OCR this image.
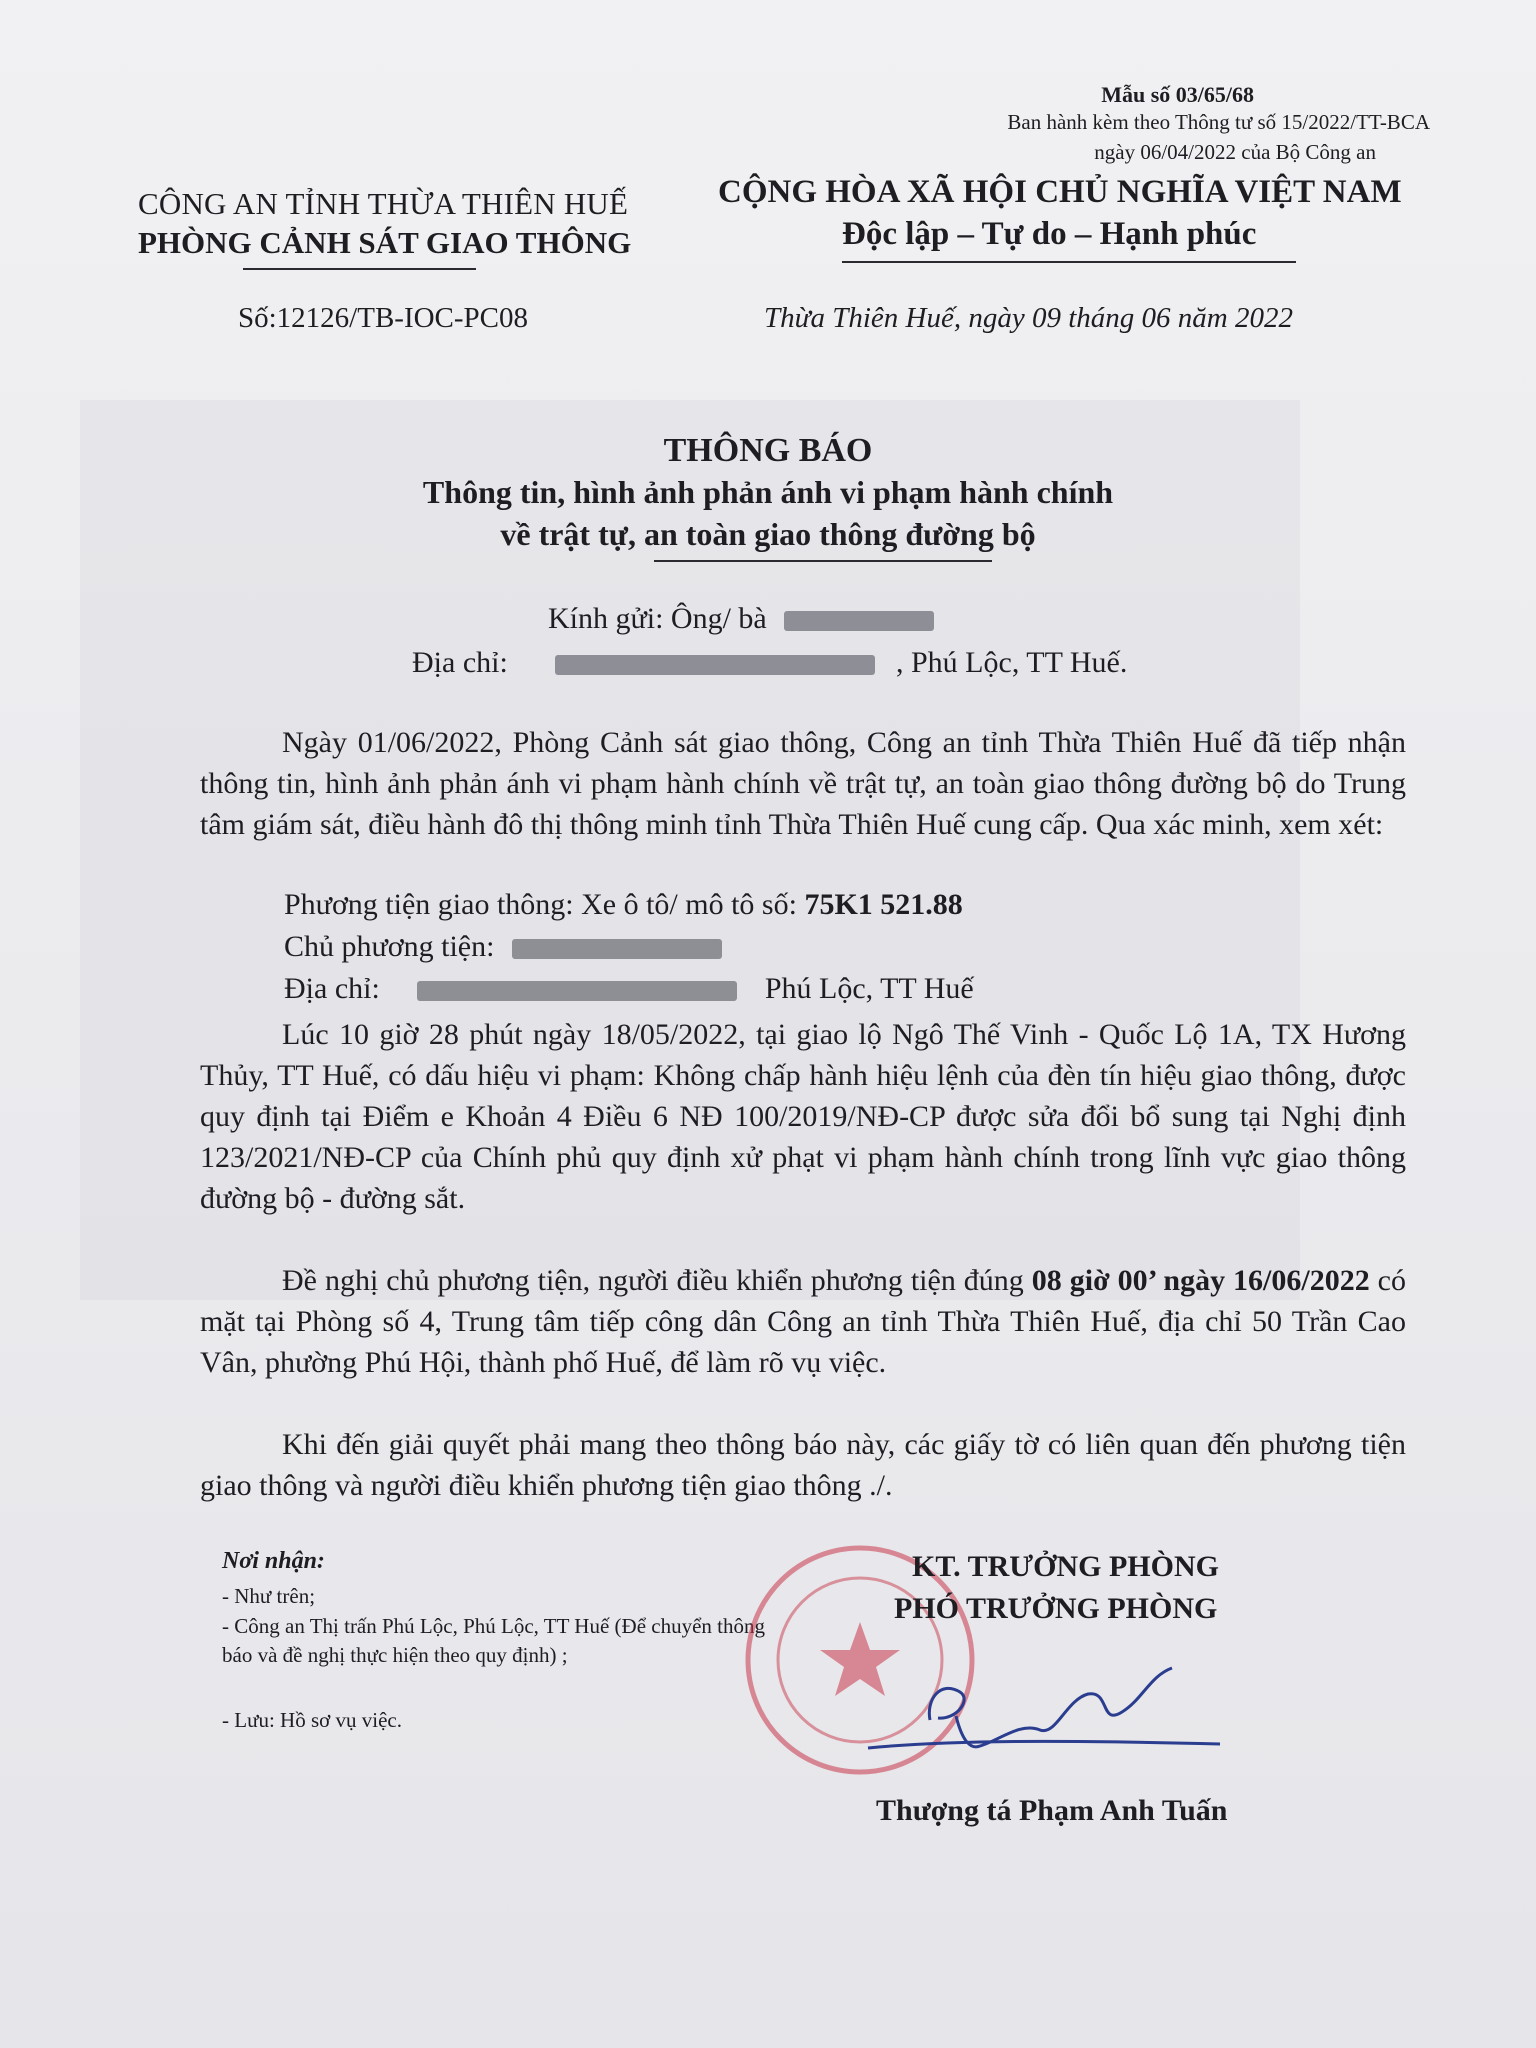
Mẫu số 03/65/68
Ban hành kèm theo Thông tư số 15/2022/TT-BCA
ngày 06/04/2022 của Bộ Công an
CÔNG AN TỈNH THỪA THIÊN HUẾ
PHÒNG CẢNH SÁT GIAO THÔNG
CỘNG HÒA XÃ HỘI CHỦ NGHĨA VIỆT NAM
Độc lập – Tự do – Hạnh phúc
Số:12126/TB-IOC-PC08	Thừa Thiên Huế, ngày 09 tháng 06 năm 2022
THÔNG BÁO
Thông tin, hình ảnh phản ánh vi phạm hành chính
về trật tự, an toàn giao thông đường bộ
Kính gửi: Ông/ bà
Địa chỉ:	, Phú Lộc, TT Huế.
Ngày 01/06/2022, Phòng Cảnh sát giao thông, Công an tỉnh Thừa Thiên Huế đã tiếp nhận thông tin, hình ảnh phản ánh vi phạm hành chính về trật tự, an toàn giao thông đường bộ do Trung tâm giám sát, điều hành đô thị thông minh tỉnh Thừa Thiên Huế cung cấp. Qua xác minh, xem xét:
Phương tiện giao thông: Xe ô tô/ mô tô số: 75K1 521.88
Chủ phương tiện:
Địa chỉ:	Phú Lộc, TT Huế
Lúc 10 giờ 28 phút ngày 18/05/2022, tại giao lộ Ngô Thế Vinh - Quốc Lộ 1A, TX Hương Thủy, TT Huế, có dấu hiệu vi phạm: Không chấp hành hiệu lệnh của đèn tín hiệu giao thông, được quy định tại Điểm e Khoản 4 Điều 6 NĐ 100/2019/NĐ-CP được sửa đổi bổ sung tại Nghị định 123/2021/NĐ-CP của Chính phủ quy định xử phạt vi phạm hành chính trong lĩnh vực giao thông đường bộ - đường sắt.
Đề nghị chủ phương tiện, người điều khiển phương tiện đúng 08 giờ 00’ ngày 16/06/2022 có mặt tại Phòng số 4, Trung tâm tiếp công dân Công an tỉnh Thừa Thiên Huế, địa chỉ 50 Trần Cao Vân, phường Phú Hội, thành phố Huế, để làm rõ vụ việc.
Khi đến giải quyết phải mang theo thông báo này, các giấy tờ có liên quan đến phương tiện giao thông và người điều khiển phương tiện giao thông ./.
Nơi nhận:
- Như trên;
- Công an Thị trấn Phú Lộc, Phú Lộc, TT Huế (Để chuyển thông báo và đề nghị thực hiện theo quy định) ;
- Lưu: Hồ sơ vụ việc.
KT. TRƯỞNG PHÒNG
PHÓ TRƯỞNG PHÒNG
Thượng tá Phạm Anh Tuấn
